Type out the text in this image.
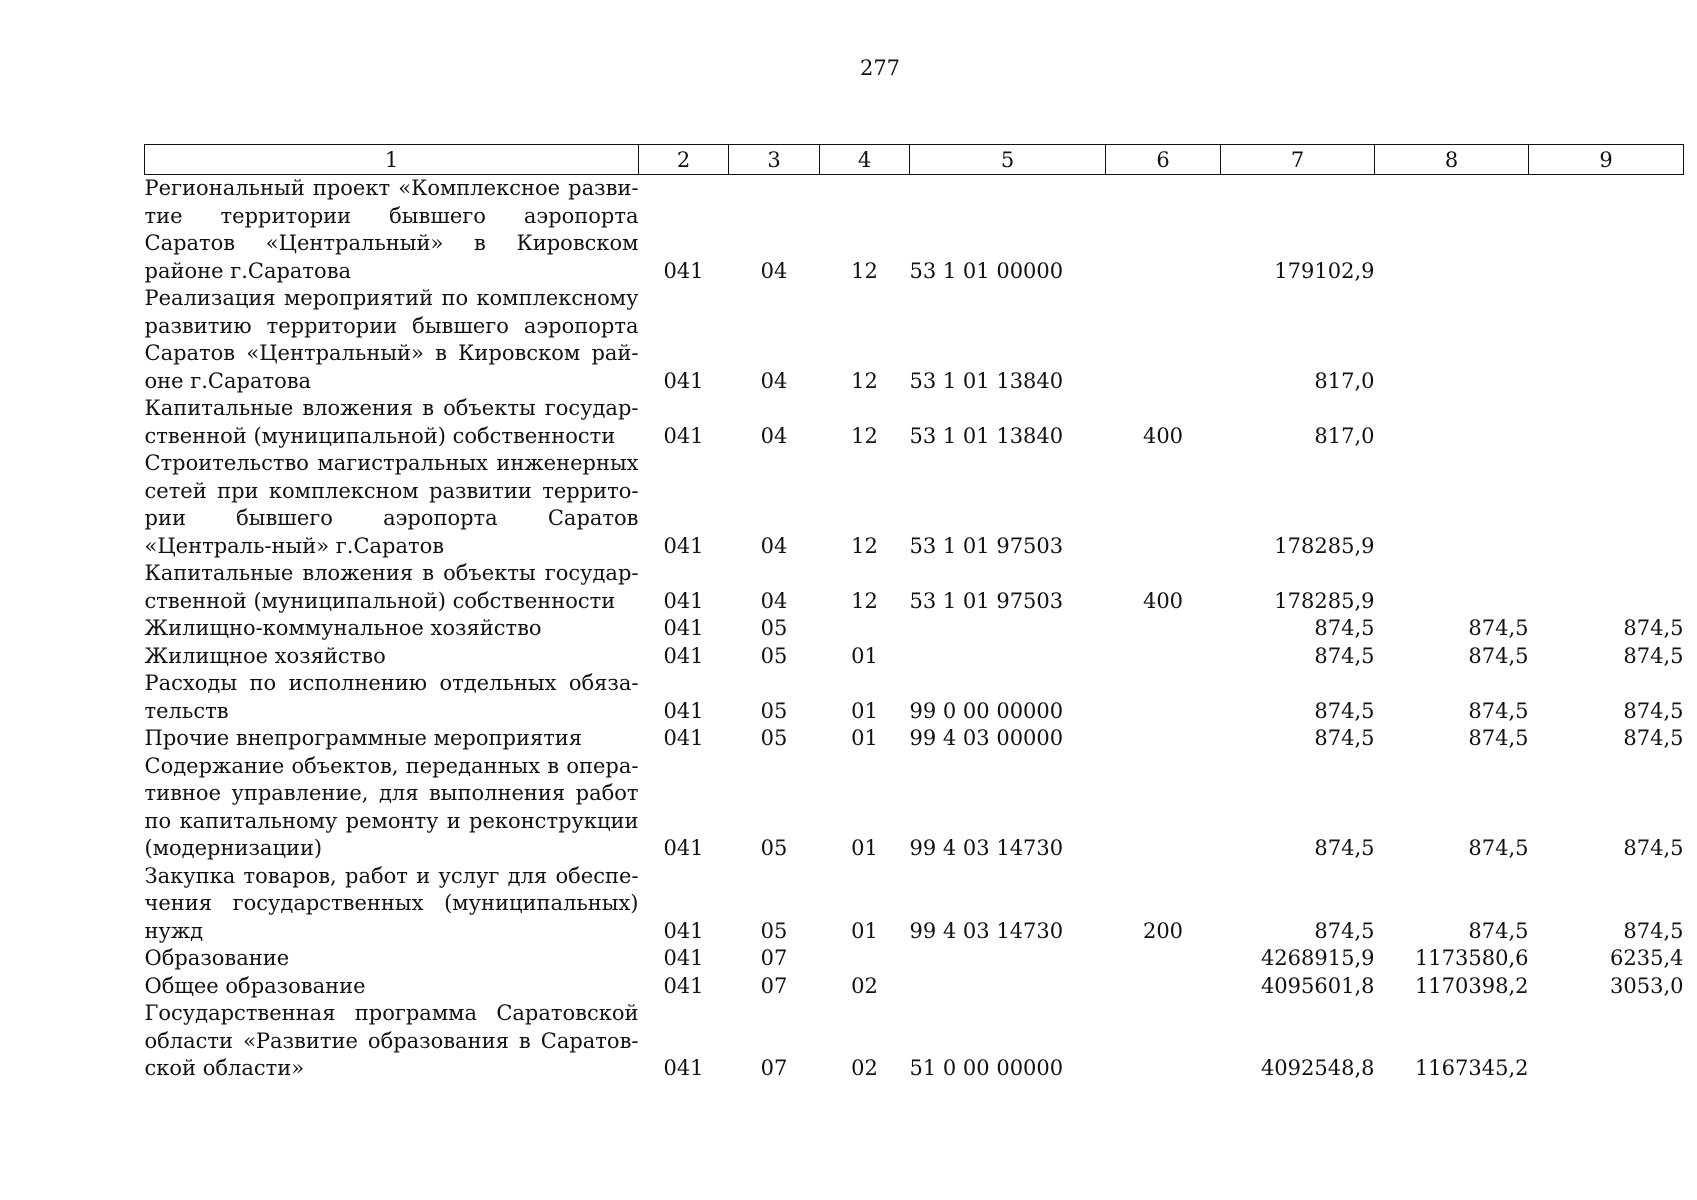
277
1	2	3	4	5	6	7	8	9
Региональный проект «Комплексное разви-тие территории бывшего аэропорта Саратов «Центральный» в Кировском районе г.Саратова	041	04	12	53 1 01 00000		179102,9		
Реализация мероприятий по комплексному развитию территории бывшего аэропорта Саратов «Центральный» в Кировском рай-оне г.Саратова	041	04	12	53 1 01 13840		817,0		
Капитальные вложения в объекты государ-ственной (муниципальной) собственности	041	04	12	53 1 01 13840	400	817,0		
Строительство магистральных инженерных сетей при комплексном развитии террито-рии бывшего аэропорта Саратов «Централь-ный» г.Саратов	041	04	12	53 1 01 97503		178285,9		
Капитальные вложения в объекты государ-ственной (муниципальной) собственности	041	04	12	53 1 01 97503	400	178285,9		
Жилищно-коммунальное хозяйство	041	05				874,5	874,5	874,5
Жилищное хозяйство	041	05	01			874,5	874,5	874,5
Расходы по исполнению отдельных обяза-тельств	041	05	01	99 0 00 00000		874,5	874,5	874,5
Прочие внепрограммные мероприятия	041	05	01	99 4 03 00000		874,5	874,5	874,5
Содержание объектов, переданных в опера-тивное управление, для выполнения работ по капитальному ремонту и реконструкции (модернизации)	041	05	01	99 4 03 14730		874,5	874,5	874,5
Закупка товаров, работ и услуг для обеспе-чения государственных (муниципальных) нужд	041	05	01	99 4 03 14730	200	874,5	874,5	874,5
Образование	041	07				4268915,9	1173580,6	6235,4
Общее образование	041	07	02			4095601,8	1170398,2	3053,0
Государственная программа Саратовской области «Развитие образования в Саратов-ской области»	041	07	02	51 0 00 00000		4092548,8	1167345,2	
